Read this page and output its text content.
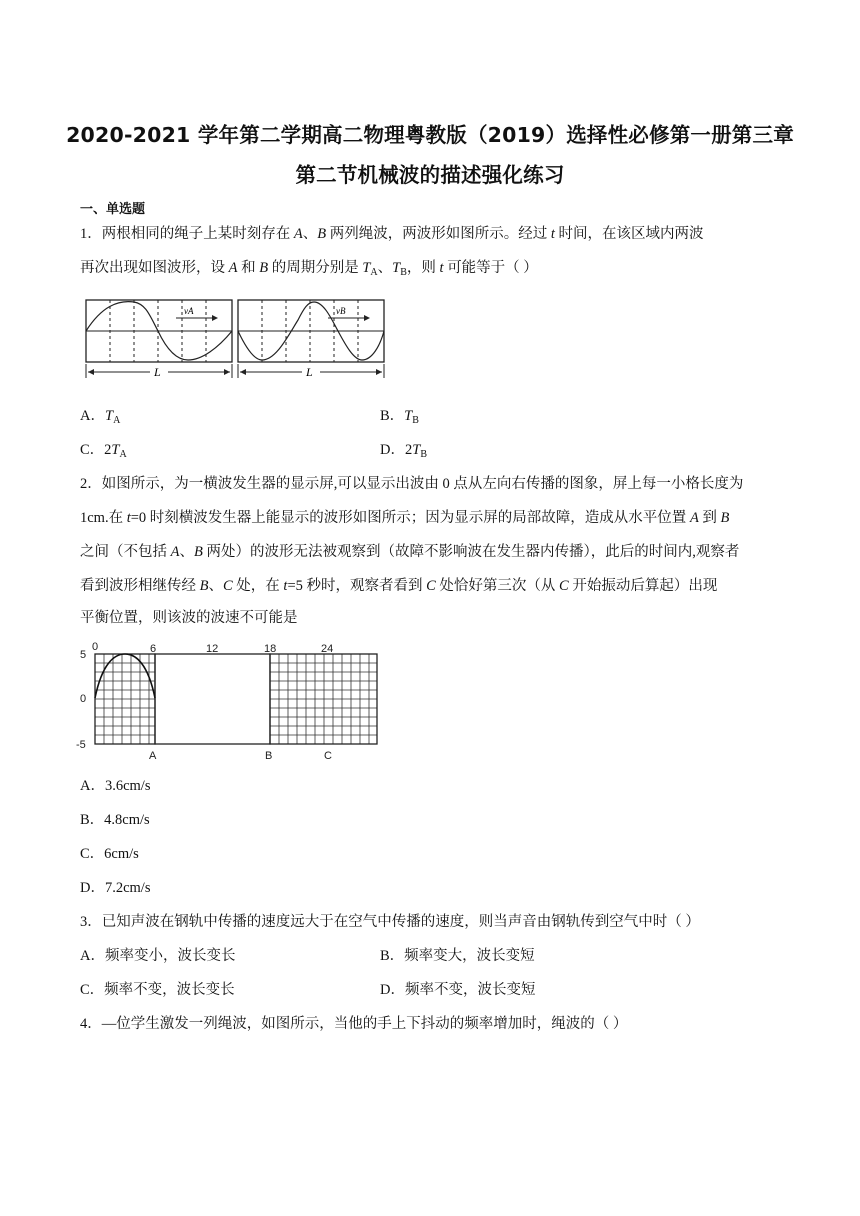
2020-2021 学年第二学期高二物理粤教版（2019）选择性必修第一册第三章
第二节机械波的描述强化练习
一、单选题
1．两根相同的绳子上某时刻存在 A、B 两列绳波，两波形如图所示。经过 t 时间，在该区域内两波
再次出现如图波形，设 A 和 B 的周期分别是 $T_A$、$T_B$，则 t 可能等于（ ）
vA	vB
L	L
A．$T_A$	B．$T_B$
C．$2T_A$	D．$2T_B$
2．如图所示，为一横波发生器的显示屏,可以显示出波由 0 点从左向右传播的图象，屏上每一小格长度为
1cm.在 t=0 时刻横波发生器上能显示的波形如图所示；因为显示屏的局部故障，造成从水平位置 A 到 B
之间（不包括 A、B 两处）的波形无法被观察到（故障不影响波在发生器内传播），此后的时间内,观察者
看到波形相继传经 B、C 处，在 t=5 秒时，观察者看到 C 处恰好第三次（从 C 开始振动后算起）出现
平衡位置，则该波的波速不可能是
0	6	12	18	24
5
0
-5
A	B	C
A．3.6cm/s
B．4.8cm/s
C．6cm/s
D．7.2cm/s
3．已知声波在钢轨中传播的速度远大于在空气中传播的速度，则当声音由钢轨传到空气中时（ ）
A．频率变小，波长变长	B．频率变大，波长变短
C．频率不变，波长变长	D．频率不变，波长变短
4．—位学生激发一列绳波，如图所示，当他的手上下抖动的频率增加时，绳波的（ ）
